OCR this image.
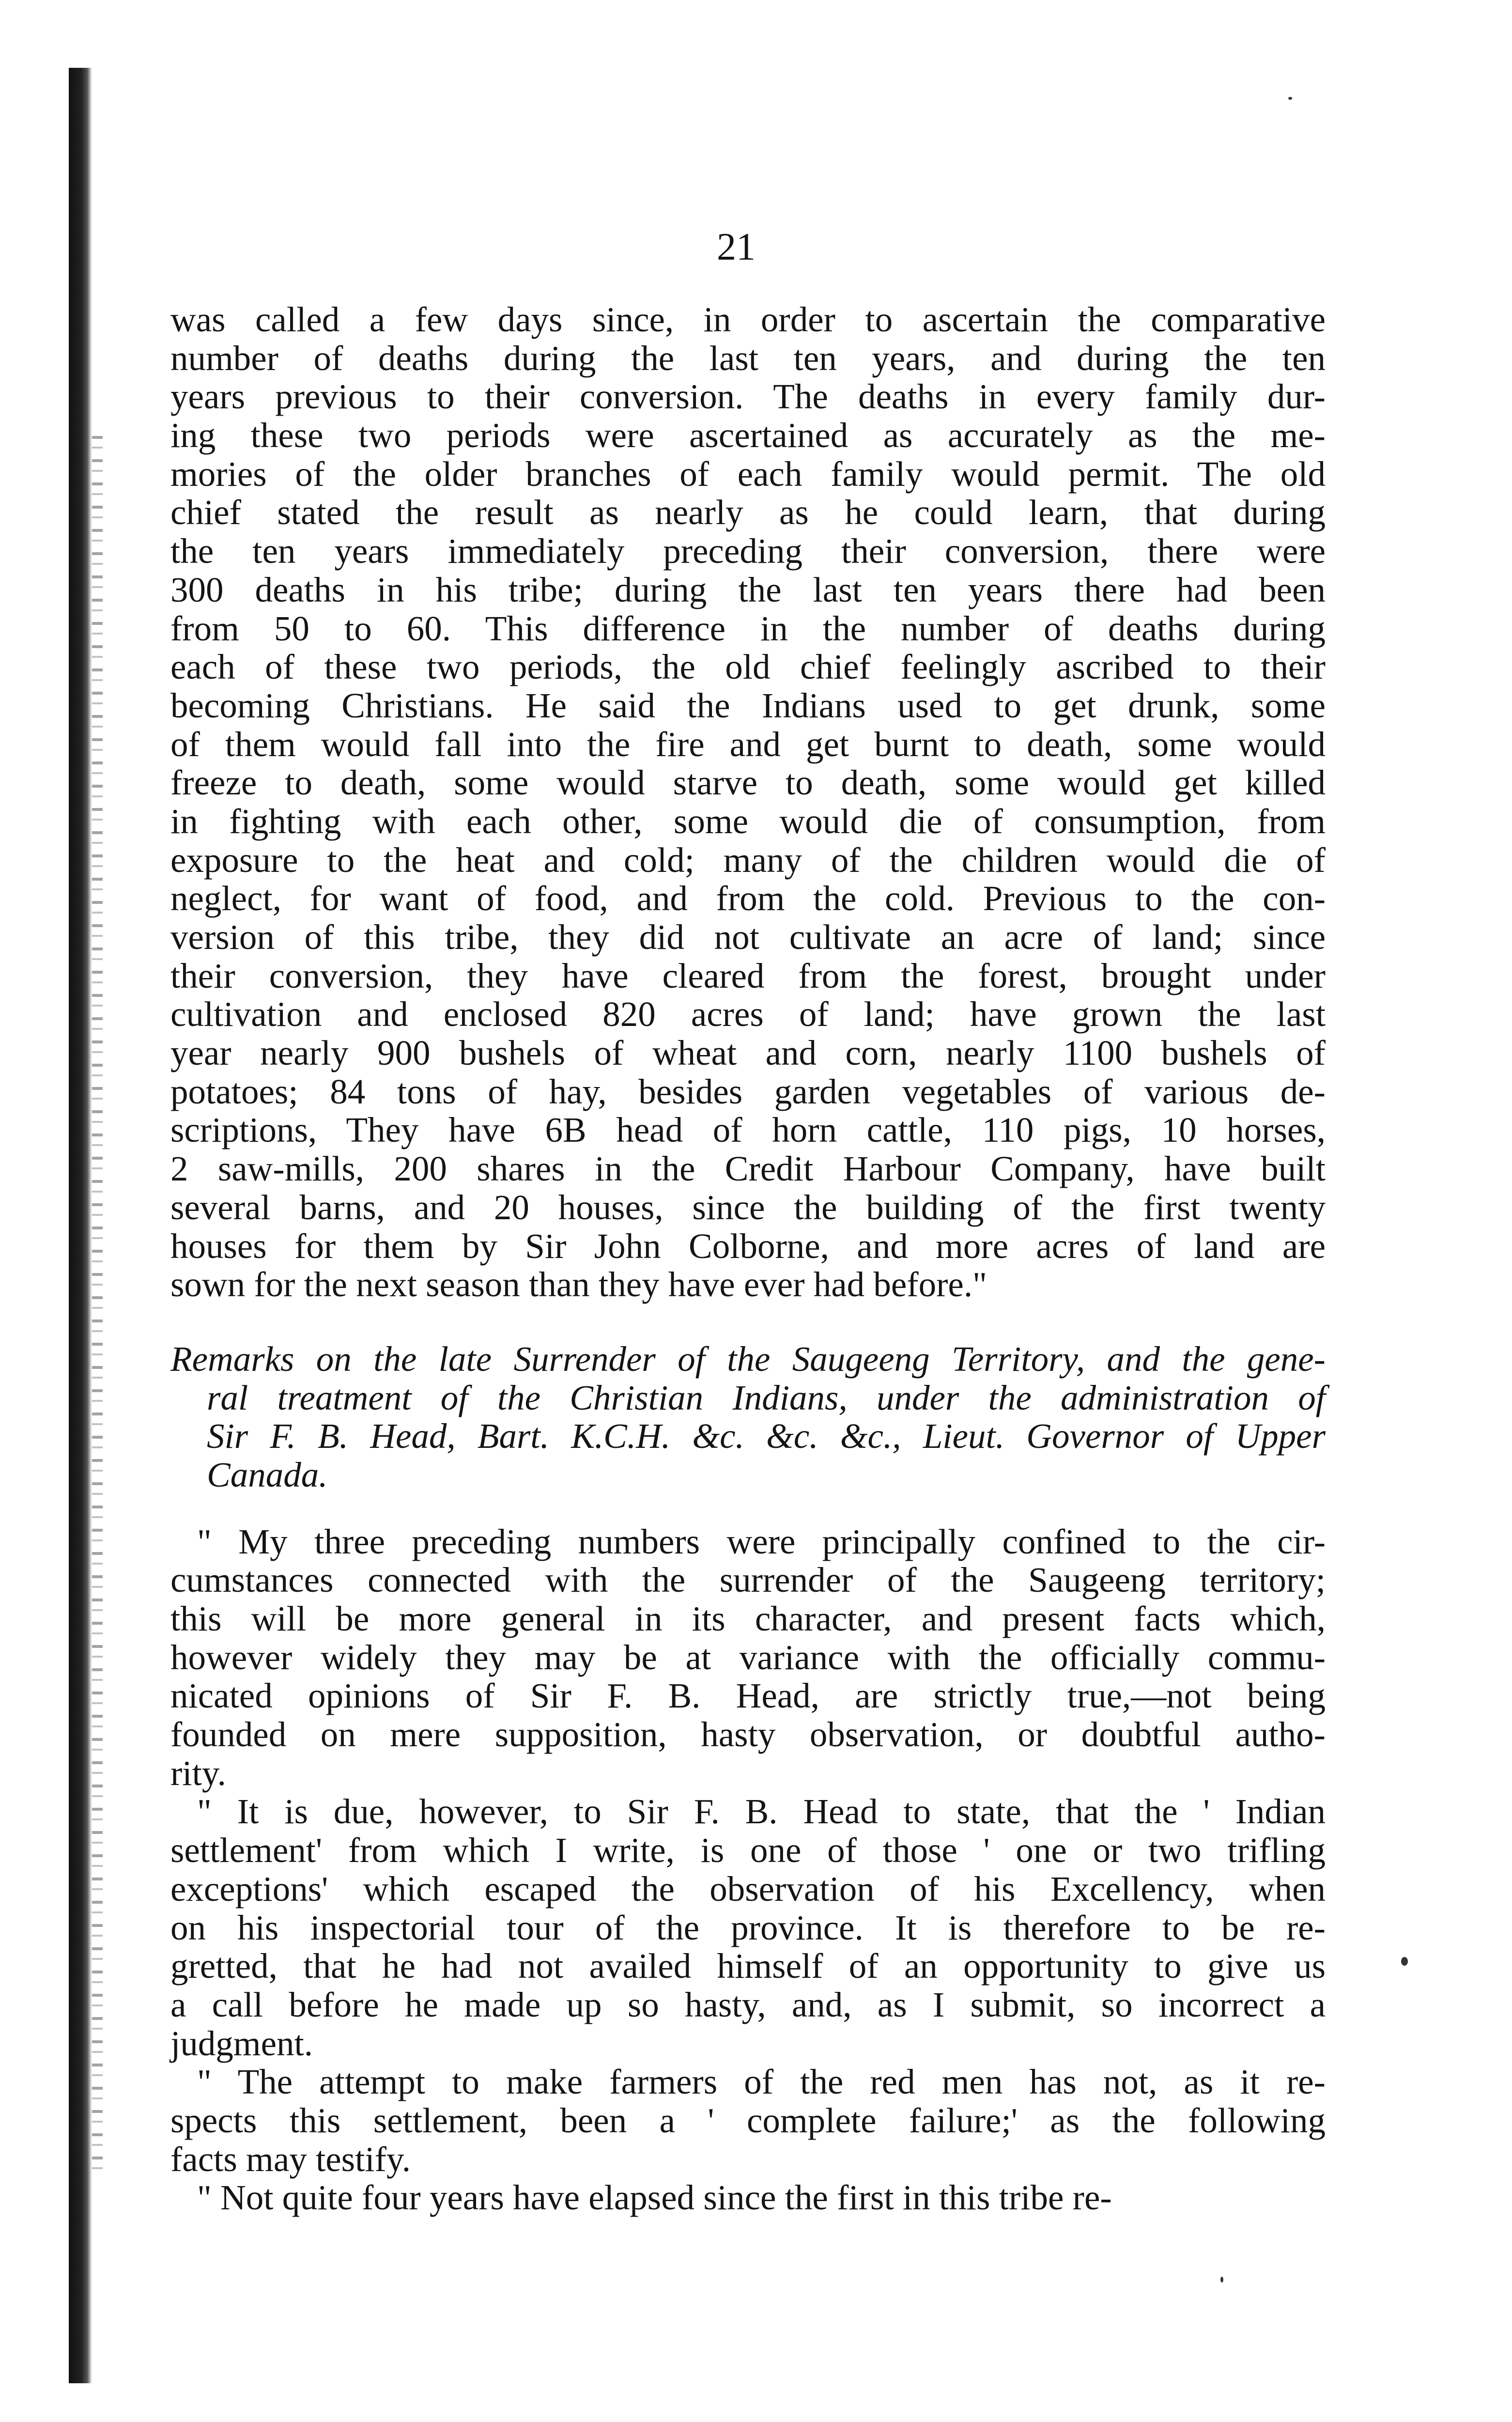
21
was called a few days since, in order to ascertain the comparative
number of deaths during the last ten years, and during the ten
years previous to their conversion. The deaths in every family dur-
ing these two periods were ascertained as accurately as the me-
mories of the older branches of each family would permit. The old
chief stated the result as nearly as he could learn, that during
the ten years immediately preceding their conversion, there were
300 deaths in his tribe; during the last ten years there had been
from 50 to 60. This difference in the number of deaths during
each of these two periods, the old chief feelingly ascribed to their
becoming Christians. He said the Indians used to get drunk, some
of them would fall into the fire and get burnt to death, some would
freeze to death, some would starve to death, some would get killed
in fighting with each other, some would die of consumption, from
exposure to the heat and cold; many of the children would die of
neglect, for want of food, and from the cold. Previous to the con-
version of this tribe, they did not cultivate an acre of land; since
their conversion, they have cleared from the forest, brought under
cultivation and enclosed 820 acres of land; have grown the last
year nearly 900 bushels of wheat and corn, nearly 1100 bushels of
potatoes; 84 tons of hay, besides garden vegetables of various de-
scriptions, They have 6B head of horn cattle, 110 pigs, 10 horses,
2 saw-mills, 200 shares in the Credit Harbour Company, have built
several barns, and 20 houses, since the building of the first twenty
houses for them by Sir John Colborne, and more acres of land are
sown for the next season than they have ever had before."
Remarks on the late Surrender of the Saugeeng Territory, and the gene-
ral treatment of the Christian Indians, under the administration of
Sir F. B. Head, Bart. K.C.H. &c. &c. &c., Lieut. Governor of Upper
Canada.
" My three preceding numbers were principally confined to the cir-
cumstances connected with the surrender of the Saugeeng territory;
this will be more general in its character, and present facts which,
however widely they may be at variance with the officially commu-
nicated opinions of Sir F. B. Head, are strictly true,—not being
founded on mere supposition, hasty observation, or doubtful autho-
rity.
" It is due, however, to Sir F. B. Head to state, that the ' Indian
settlement' from which I write, is one of those ' one or two trifling
exceptions' which escaped the observation of his Excellency, when
on his inspectorial tour of the province. It is therefore to be re-
gretted, that he had not availed himself of an opportunity to give us
a call before he made up so hasty, and, as I submit, so incorrect a
judgment.
" The attempt to make farmers of the red men has not, as it re-
spects this settlement, been a ' complete failure;' as the following
facts may testify.
" Not quite four years have elapsed since the first in this tribe re-
